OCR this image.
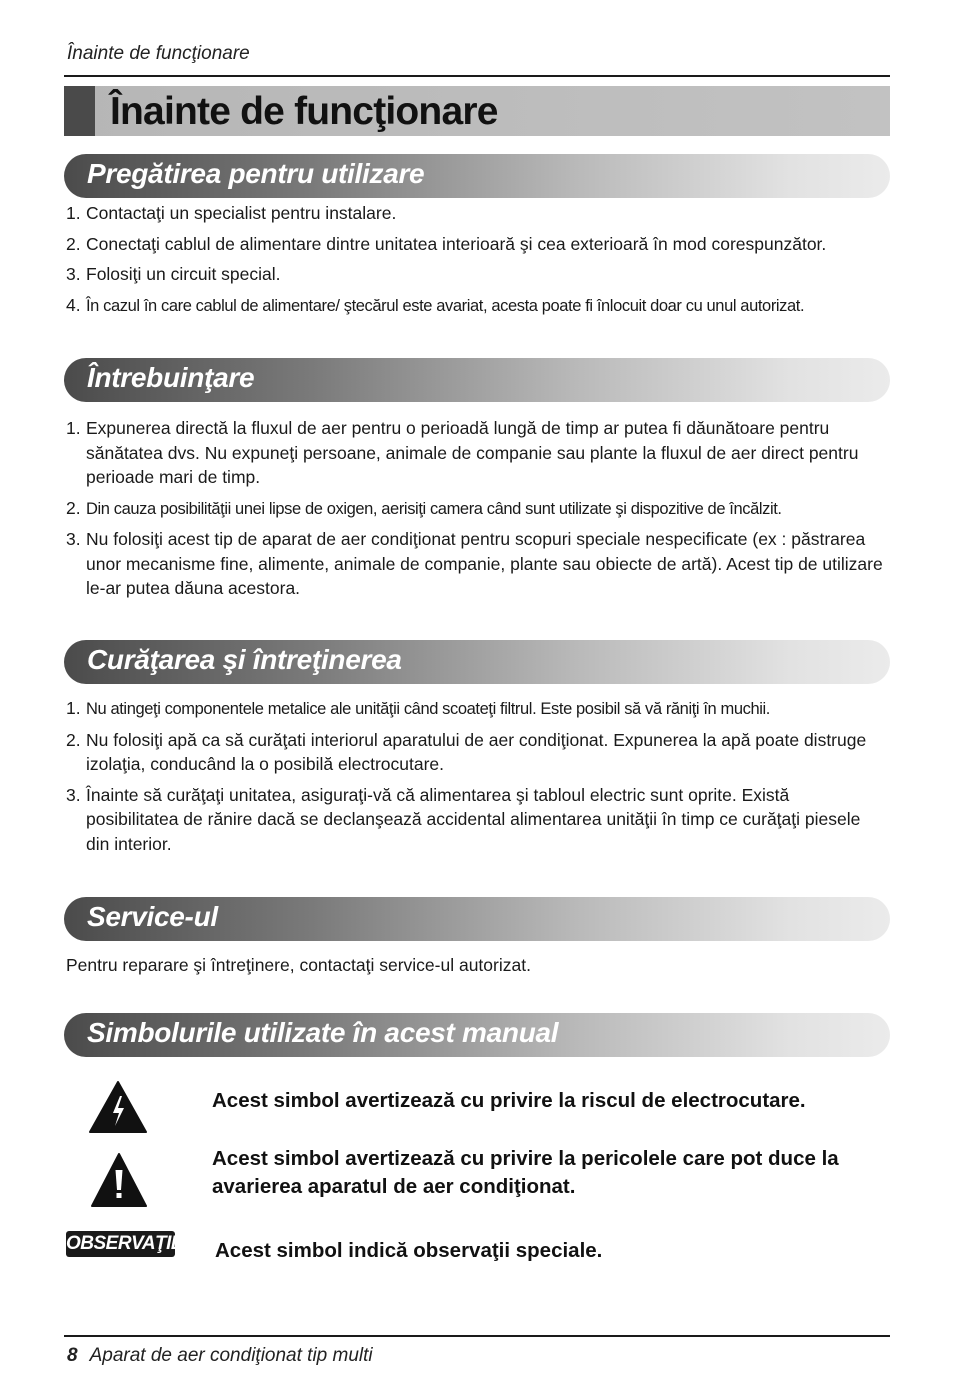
Înainte de funcţionare
Înainte de funcţionare
Pregătirea pentru utilizare
1. Contactaţi un specialist pentru instalare.
2. Conectaţi cablul de alimentare dintre unitatea interioară şi cea exterioară în mod corespunzător.
3. Folosiţi un circuit special.
4. În cazul în care cablul de alimentare/ ştecărul este avariat, acesta poate fi înlocuit doar cu unul autorizat.
Întrebuinţare
1. Expunerea directă la fluxul de aer pentru o perioadă lungă de timp ar putea fi dăunătoare pentru sănătatea dvs. Nu expuneţi persoane, animale de companie sau plante la fluxul de aer direct pentru perioade mari de timp.
2. Din cauza posibilităţii unei lipse de oxigen, aerisiţi camera când sunt utilizate şi dispozitive de încălzit.
3. Nu folosiţi acest tip de aparat de aer condiţionat pentru scopuri speciale nespecificate (ex : păstrarea unor mecanisme fine, alimente, animale de companie, plante sau obiecte de artă). Acest tip de utilizare le-ar putea dăuna acestora.
Curăţarea şi întreţinerea
1. Nu atingeţi componentele metalice ale unităţii când scoateţi filtrul. Este posibil să vă răniţi în muchii.
2. Nu folosiţi apă ca să curăţati interiorul aparatului de aer condiţionat. Expunerea la apă poate distruge izolaţia, conducând la o posibilă electrocutare.
3. Înainte să curăţaţi unitatea, asiguraţi-vă că alimentarea şi tabloul electric sunt oprite. Există posibilitatea de rănire dacă se declanşează accidental alimentarea unităţii în timp ce curăţaţi piesele din interior.
Service-ul
Pentru reparare şi întreţinere, contactaţi service-ul autorizat.
Simbolurile utilizate în acest manual
Acest simbol avertizează cu privire la riscul de electrocutare.
Acest simbol avertizează cu privire la pericolele care pot duce la avarierea aparatul de aer condiţionat.
OBSERVAŢIE Acest simbol indică observaţii speciale.
8 Aparat de aer condiţionat tip multi
